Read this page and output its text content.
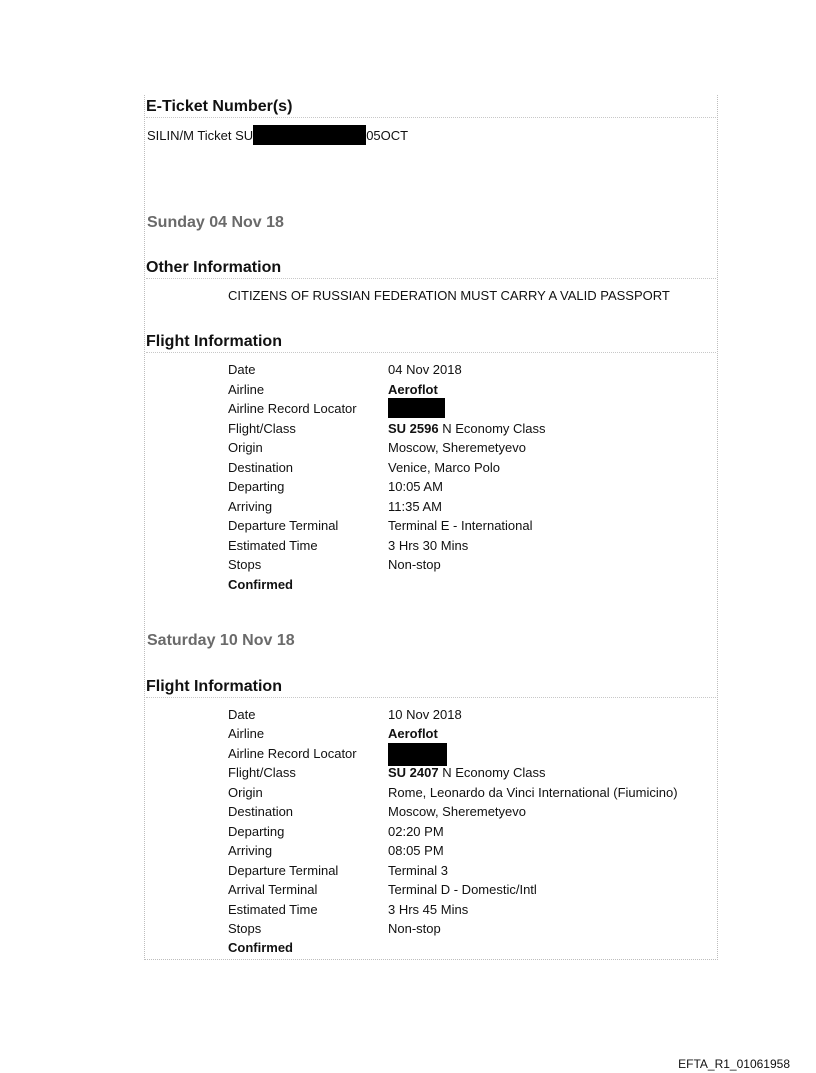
E-Ticket Number(s)
SILIN/M Ticket SU	05OCT
Sunday 04 Nov 18
Other Information
CITIZENS OF RUSSIAN FEDERATION MUST CARRY A VALID PASSPORT
Flight Information
Date	04 Nov 2018
Airline	Aeroflot
Airline Record Locator
Flight/Class	SU 2596 N Economy Class
Origin	Moscow, Sheremetyevo
Destination	Venice, Marco Polo
Departing	10:05 AM
Arriving	11:35 AM
Departure Terminal	Terminal E - International
Estimated Time	3 Hrs 30 Mins
Stops	Non-stop
Confirmed
Saturday 10 Nov 18
Flight Information
Date	10 Nov 2018
Airline	Aeroflot
Airline Record Locator
Flight/Class	SU 2407 N Economy Class
Origin	Rome, Leonardo da Vinci International (Fiumicino)
Destination	Moscow, Sheremetyevo
Departing	02:20 PM
Arriving	08:05 PM
Departure Terminal	Terminal 3
Arrival Terminal	Terminal D - Domestic/Intl
Estimated Time	3 Hrs 45 Mins
Stops	Non-stop
Confirmed
EFTA_R1_01061958
